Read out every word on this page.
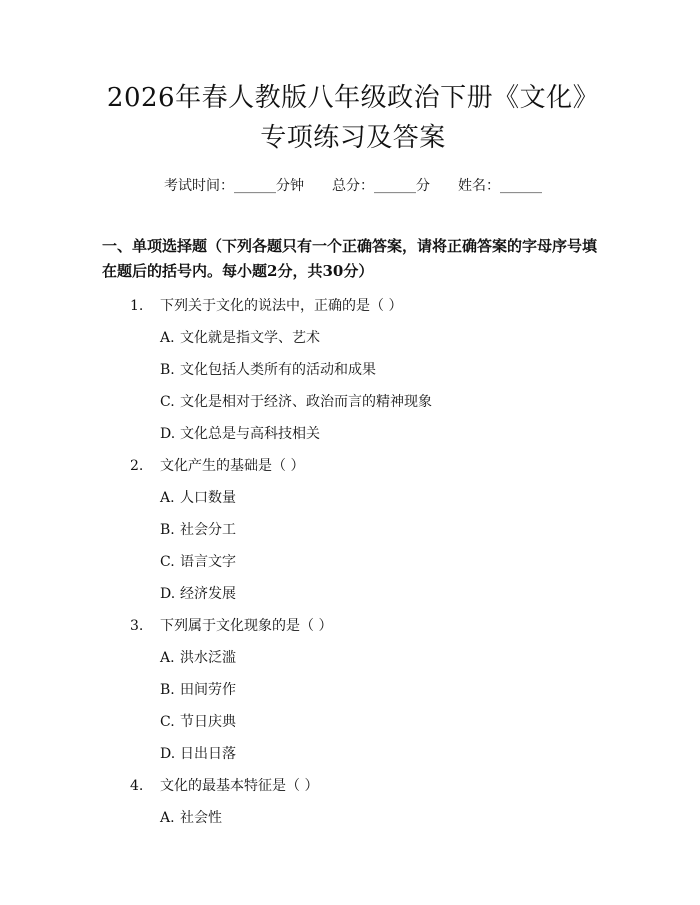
2026年春人教版八年级政治下册《文化》专项练习及答案
考试时间：______分钟 总分：______分 姓名：______
一、单项选择题（下列各题只有一个正确答案，请将正确答案的字母序号填在题后的括号内。每小题2分，共30分）
1.	下列关于文化的说法中，正确的是（ ）
A. 文化就是指文学、艺术
B. 文化包括人类所有的活动和成果
C. 文化是相对于经济、政治而言的精神现象
D. 文化总是与高科技相关
2.	文化产生的基础是（ ）
A. 人口数量
B. 社会分工
C. 语言文字
D. 经济发展
3.	下列属于文化现象的是（ ）
A. 洪水泛滥
B. 田间劳作
C. 节日庆典
D. 日出日落
4.	文化的最基本特征是（ ）
A. 社会性
